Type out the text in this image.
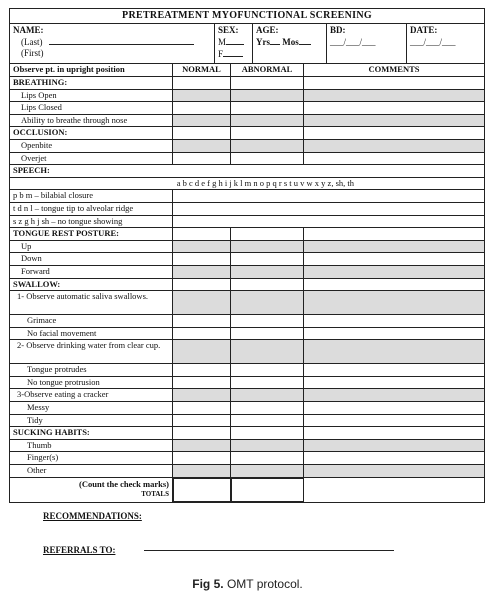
PRETREATMENT MYOFUNCTIONAL SCREENING
NAME:
(Last)
(First)
SEX:
M
F
AGE:
Yrs Mos
BD:
___/___/___
DATE:
___/___/___
Observe pt. in upright position	NORMAL	ABNORMAL	COMMENTS
BREATHING:
Lips Open
Lips Closed
Ability to breathe through nose
OCCLUSION:
Openbite
Overjet
SPEECH:
a b c d e f g h i j k l m n o p q r s t u v w x y z, sh, th
p b m – bilabial closure
t d n l – tongue tip to alveolar ridge
s z g h j sh – no tongue showing
TONGUE REST POSTURE:
Up
Down
Forward
SWALLOW:
1- Observe automatic saliva swallows.
Grimace
No facial movement
2- Observe drinking water from clear cup.
Tongue protrudes
No tongue protrusion
3-Observe eating a cracker
Messy
Tidy
SUCKING HABITS:
Thumb
Finger(s)
Other
(Count the check marks)
TOTALS
RECOMMENDATIONS:
REFERRALS TO:
Fig 5. OMT protocol.
